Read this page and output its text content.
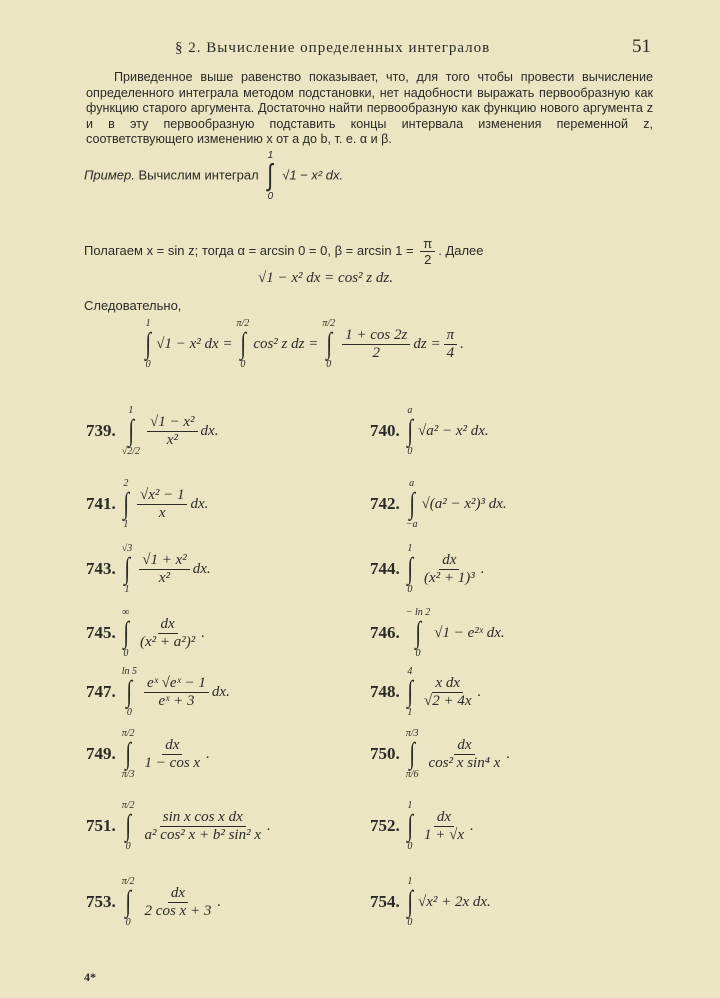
§ 2. Вычисление определенных интегралов	51
Приведенное выше равенство показывает, что, для того чтобы провести вычисление определенного интеграла методом подстановки, нет надобности выражать первообразную как функцию старого аргумента. Достаточно найти первообразную как функцию нового аргумента z и в эту первообразную подставить концы интервала изменения переменной z, соответствующего изменению x от a до b, т. е. α и β.
Пример. Вычислим интеграл
1
∫
0
√1 − x² dx.
Полагаем x = sin z; тогда α = arcsin 0 = 0, $\beta = \arcsin 1 = \frac{\pi}{2}$ . Далее
√1 − x² dx = cos² z dz.
Следовательно,
1
∫
0
√1 − x² dx =
π/2
∫
0
cos² z dz =
π/2
∫
0
$\frac{1 + \cos 2z}{2}$ dz = $\frac{\pi}{4}$ .
739.
1
∫
√2/2
$\frac{\text{√1 − x²}}{\text{x²}}$ dx.	740.
a
∫
0
√a² − x² dx.
741.
2
∫
1
$\frac{\text{√x² − 1}}{x}$ dx.	742.
a
∫
−a
√(a² − x²)³ dx.
743.
√3
∫
1
$\frac{\text{√1 + x²}}{\text{x²}}$ dx.	744.
1
∫
0
$\frac{dx}{\text{(x² + 1)³}}$ .
745.
∞
∫
0
$\frac{dx}{\text{(x² + a²)²}}$ .	746.
− ln 2
∫
0
√1 − e²ˣ dx.
747.
ln 5
∫
0
$\frac{\text{eˣ √eˣ − 1}}{\text{eˣ + 3}}$ dx.	748.
4
∫
1
$\frac{\text{x dx}}{√2 + 4x}$ .
749.
π/2
∫
π/3
$\frac{dx}{\text{1 − cos x}}$ .	750.
π/3
∫
π/6
$\frac{dx}{\text{cos² x sin⁴ x}}$ .
751.
π/2
∫
0
$\frac{\text{sin x cos x dx}}{\text{a² cos² x + b² sin² x}}$ .	752.
1
∫
0
$\frac{dx}{1 + √x}$ .
753.
π/2
∫
0
$\frac{dx}{\text{2 cos x + 3}}$ .	754.
1
∫
0
√x² + 2x dx.
4*
